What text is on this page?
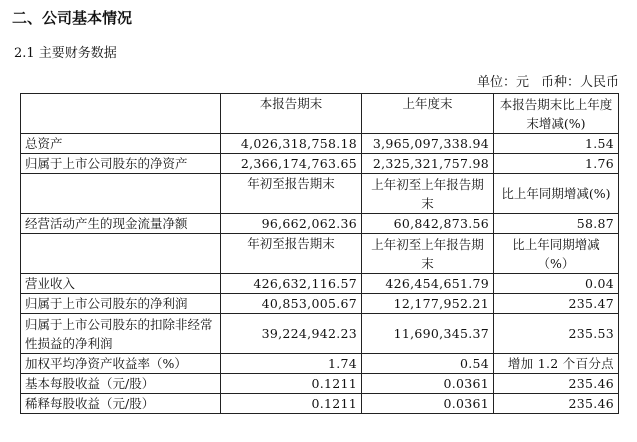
二、公司基本情况
2.1 主要财务数据
单位：元 币种：人民币
	本报告期末	上年度末	本报告期末比上年度末增减(%)
总资产	4,026,318,758.18	3,965,097,338.94	1.54
归属于上市公司股东的净资产	2,366,174,763.65	2,325,321,757.98	1.76
	年初至报告期末	上年初至上年报告期末	比上年同期增减(%)
经营活动产生的现金流量净额	96,662,062.36	60,842,873.56	58.87
	年初至报告期末	上年初至上年报告期末	比上年同期增减（%）
营业收入	426,632,116.57	426,454,651.79	0.04
归属于上市公司股东的净利润	40,853,005.67	12,177,952.21	235.47
归属于上市公司股东的扣除非经常性损益的净利润	39,224,942.23	11,690,345.37	235.53
加权平均净资产收益率（%）	1.74	0.54	增加 1.2 个百分点
基本每股收益（元/股）	0.1211	0.0361	235.46
稀释每股收益（元/股）	0.1211	0.0361	235.46
